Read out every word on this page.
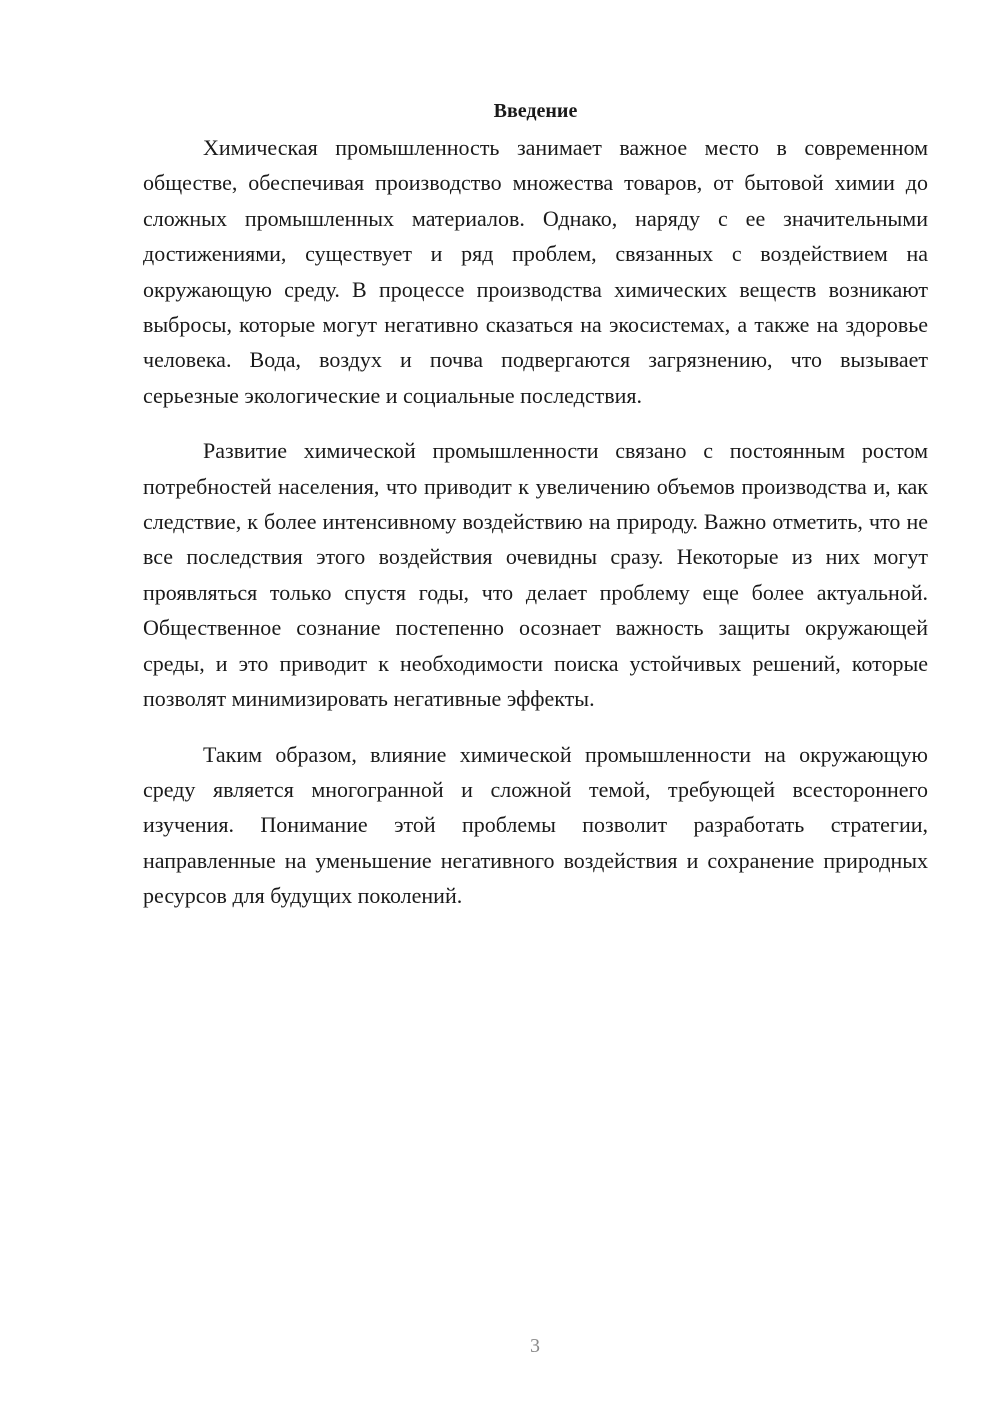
Введение

Химическая промышленность занимает важное место в современном обществе, обеспечивая производство множества товаров, от бытовой химии до сложных промышленных материалов. Однако, наряду с ее значительными достижениями, существует и ряд проблем, связанных с воздействием на окружающую среду. В процессе производства химических веществ возникают выбросы, которые могут негативно сказаться на экосистемах, а также на здоровье человека. Вода, воздух и почва подвергаются загрязнению, что вызывает серьезные экологические и социальные последствия.

Развитие химической промышленности связано с постоянным ростом потребностей населения, что приводит к увеличению объемов производства и, как следствие, к более интенсивному воздействию на природу. Важно отметить, что не все последствия этого воздействия очевидны сразу. Некоторые из них могут проявляться только спустя годы, что делает проблему еще более актуальной. Общественное сознание постепенно осознает важность защиты окружающей среды, и это приводит к необходимости поиска устойчивых решений, которые позволят минимизировать негативные эффекты.

Таким образом, влияние химической промышленности на окружающую среду является многогранной и сложной темой, требующей всестороннего изучения. Понимание этой проблемы позволит разработать стратегии, направленные на уменьшение негативного воздействия и сохранение природных ресурсов для будущих поколений.

3
